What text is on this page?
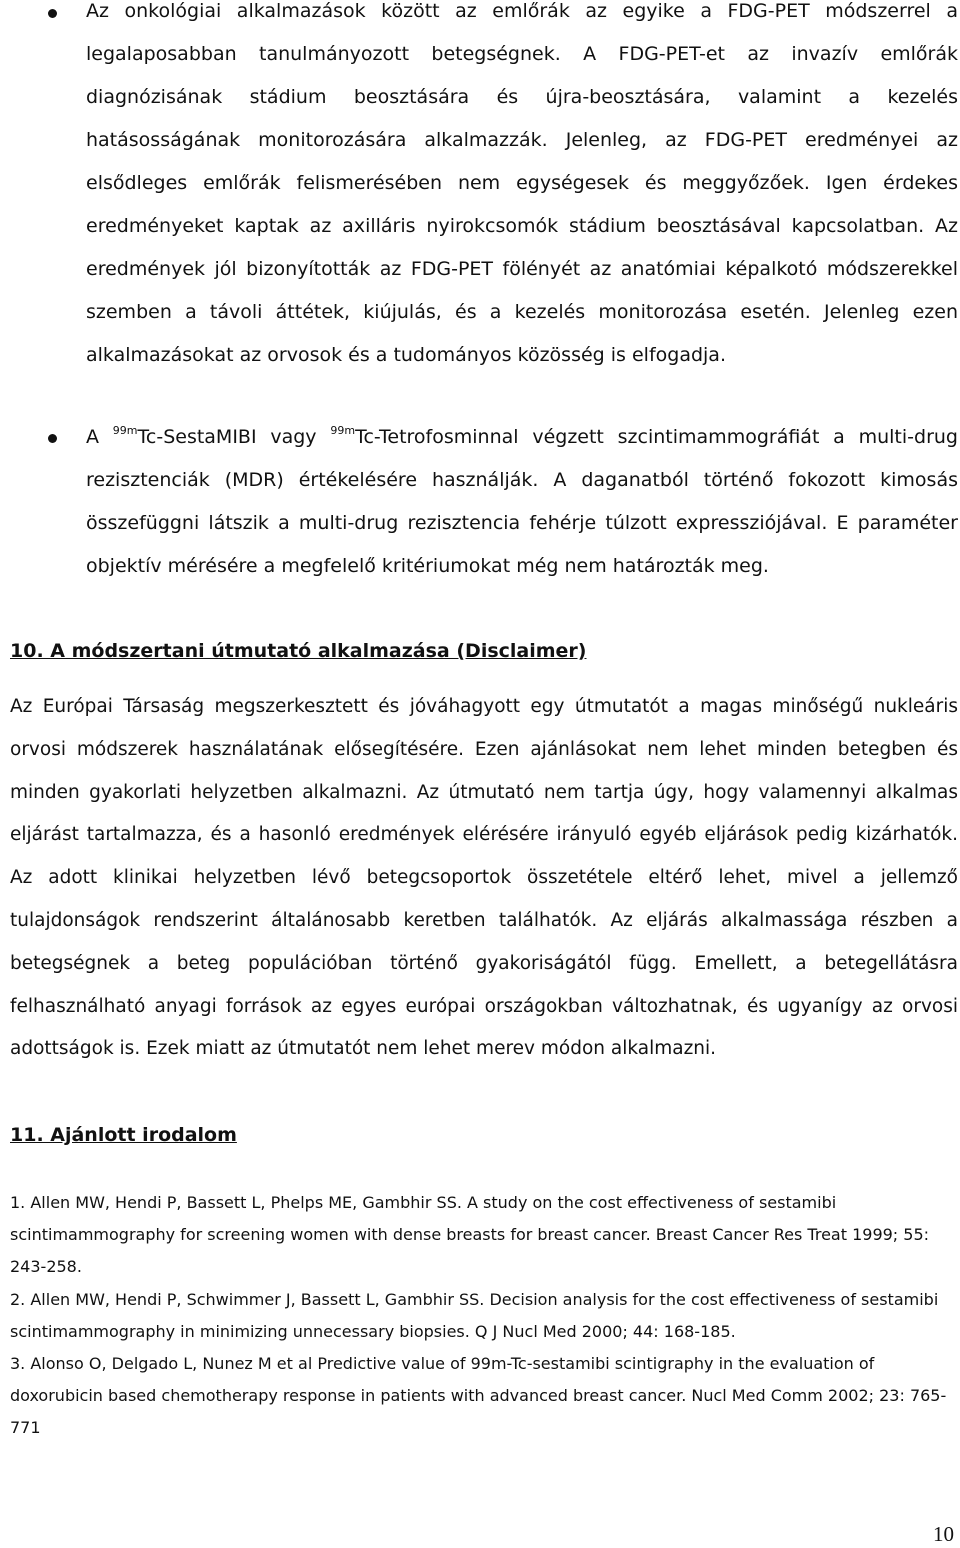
Az onkológiai alkalmazások között az emlőrák az egyike a FDG-PET módszerrel a legalaposabban tanulmányozott betegségnek. A FDG-PET-et az invazív emlőrák diagnózisának stádium beosztására és újra-beosztására, valamint a kezelés hatásosságának monitorozására alkalmazzák. Jelenleg, az FDG-PET eredményei az elsődleges emlőrák felismerésében nem egységesek és meggyőzőek. Igen érdekes eredményeket kaptak az axilláris nyirokcsomók stádium beosztásával kapcsolatban. Az eredmények jól bizonyították az FDG-PET fölényét az anatómiai képalkotó módszerekkel szemben a távoli áttétek, kiújulás, és a kezelés monitorozása esetén. Jelenleg ezen alkalmazásokat az orvosok és a tudományos közösség is elfogadja.
A $^{99m}$Tc-SestaMIBI vagy $^{99m}$Tc-Tetrofosminnal végzett szcintimammográfiát a multi-drug rezisztenciák (MDR) értékelésére használják. A daganatból történő fokozott kimosás összefüggni látszik a multi-drug rezisztencia fehérje túlzott expressziójával. E paraméter objektív mérésére a megfelelő kritériumokat még nem határozták meg.
10. A módszertani útmutató alkalmazása (Disclaimer)
Az Európai Társaság megszerkesztett és jóváhagyott egy útmutatót a magas minőségű nukleáris orvosi módszerek használatának elősegítésére. Ezen ajánlásokat nem lehet minden betegben és minden gyakorlati helyzetben alkalmazni. Az útmutató nem tartja úgy, hogy valamennyi alkalmas eljárást tartalmazza, és a hasonló eredmények elérésére irányuló egyéb eljárások pedig kizárhatók. Az adott klinikai helyzetben lévő betegcsoportok összetétele eltérő lehet, mivel a jellemző tulajdonságok rendszerint általánosabb keretben találhatók. Az eljárás alkalmassága részben a betegségnek a beteg populációban történő gyakoriságától függ. Emellett, a betegellátásra felhasználható anyagi források az egyes európai országokban változhatnak, és ugyanígy az orvosi adottságok is. Ezek miatt az útmutatót nem lehet merev módon alkalmazni.
11. Ajánlott irodalom
1. Allen MW, Hendi P, Bassett L, Phelps ME, Gambhir SS. A study on the cost effectiveness of sestamibi scintimammography for screening women with dense breasts for breast cancer. Breast Cancer Res Treat 1999; 55: 243-258.
2. Allen MW, Hendi P, Schwimmer J, Bassett L, Gambhir SS. Decision analysis for the cost effectiveness of sestamibi scintimammography in minimizing unnecessary biopsies. Q J Nucl Med 2000; 44: 168-185.
3. Alonso O, Delgado L, Nunez M et al Predictive value of 99m-Tc-sestamibi scintigraphy in the evaluation of doxorubicin based chemotherapy response in patients with advanced breast cancer. Nucl Med Comm 2002; 23: 765-771
10
